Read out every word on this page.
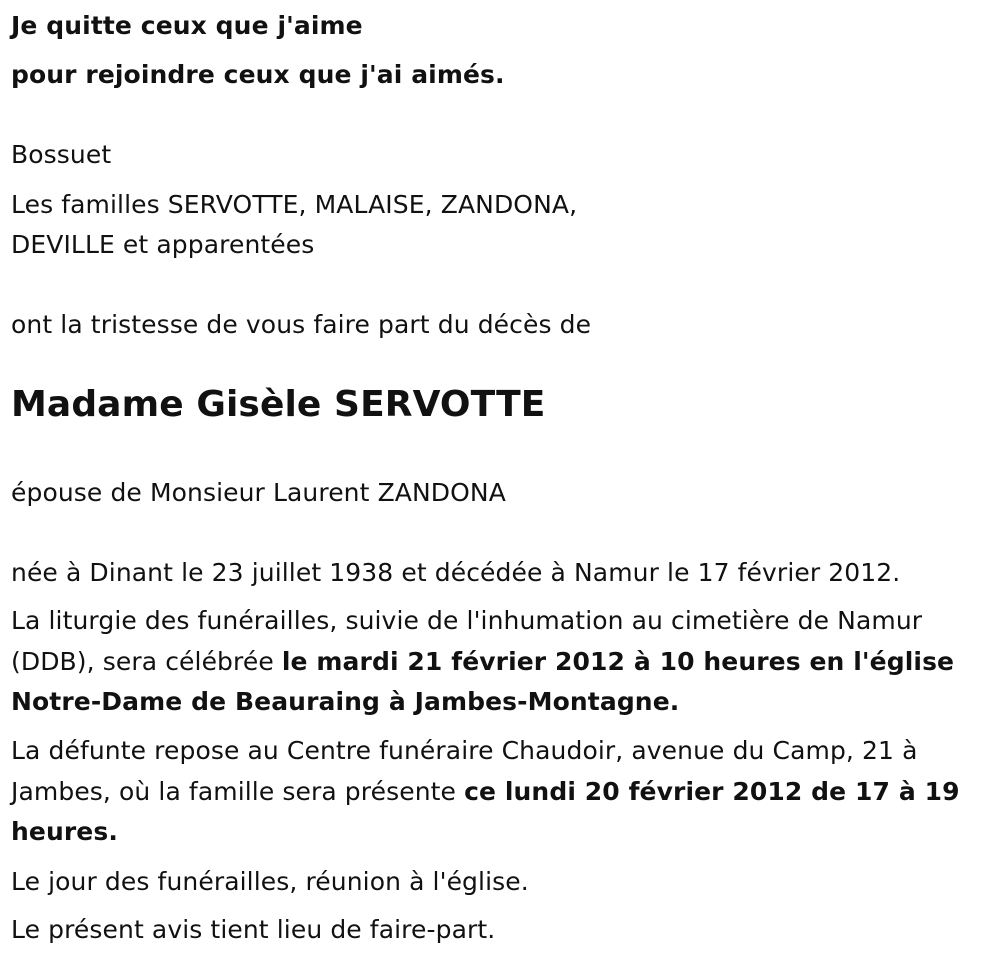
Je quitte ceux que j'aime
pour rejoindre ceux que j'ai aimés.
Bossuet
Les familles SERVOTTE, MALAISE, ZANDONA,
DEVILLE et apparentées
ont la tristesse de vous faire part du décès de
Madame Gisèle SERVOTTE
épouse de Monsieur Laurent ZANDONA
née à Dinant le 23 juillet 1938 et décédée à Namur le 17 février 2012.
La liturgie des funérailles, suivie de l'inhumation au cimetière de Namur
(DDB), sera célébrée le mardi 21 février 2012 à 10 heures en l'église
Notre-Dame de Beauraing à Jambes-Montagne.
La défunte repose au Centre funéraire Chaudoir, avenue du Camp, 21 à
Jambes, où la famille sera présente ce lundi 20 février 2012 de 17 à 19
heures.
Le jour des funérailles, réunion à l'église.
Le présent avis tient lieu de faire-part.
